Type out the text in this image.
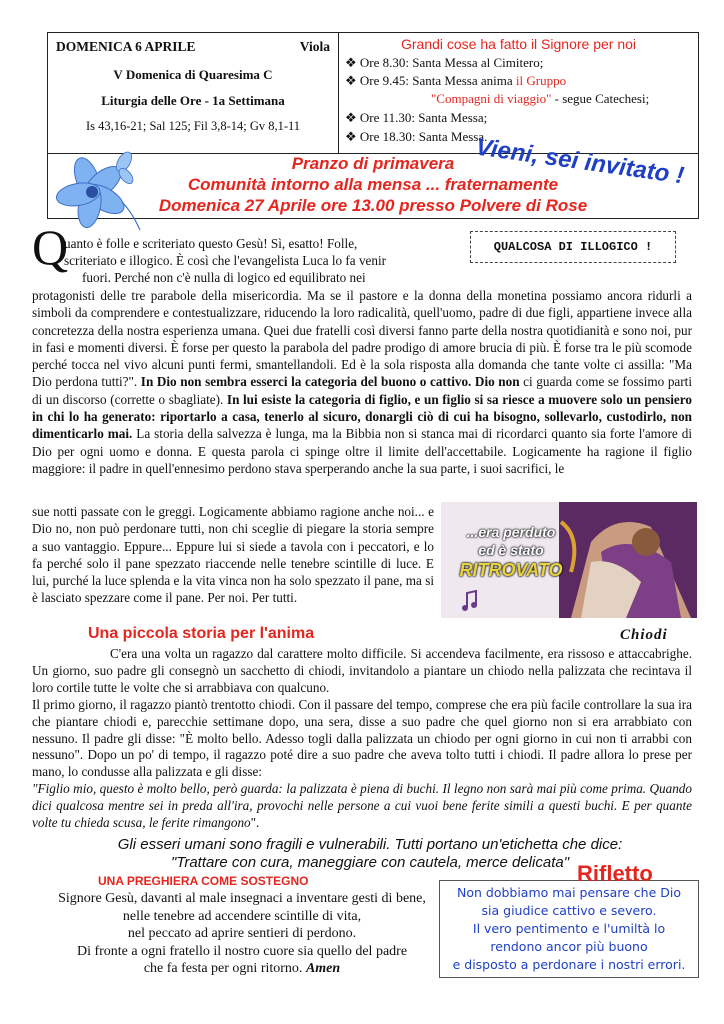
DOMENICA 6 APRILE	Viola
V Domenica di Quaresima C
Liturgia delle Ore - 1a Settimana
Is 43,16-21; Sal 125; Fil 3,8-14; Gv 8,1-11
Grandi cose ha fatto il Signore per noi
❖ Ore 8.30: Santa Messa al Cimitero;
❖ Ore 9.45: Santa Messa anima il Gruppo
"Compagni di viaggio" - segue Catechesi;
❖ Ore 11.30: Santa Messa;
❖ Ore 18.30: Santa Messa.
Pranzo di primavera
Comunità intorno alla mensa ... fraternamente
Domenica 27 Aprile ore 13.00 presso Polvere di Rose
Vieni, sei invitato !
Q	QUALCOSA DI ILLOGICO !
uanto è folle e scriteriato questo Gesù! Sì, esatto! Folle,
scriteriato e illogico. È così che l'evangelista Luca lo fa venir
fuori. Perché non c'è nulla di logico ed equilibrato nei
protagonisti delle tre parabole della misericordia. Ma se il pastore e la donna della monetina possiamo ancora ridurli a simboli da comprendere e contestualizzare, riducendo la loro radicalità, quell'uomo, padre di due figli, appartiene invece alla concretezza della nostra esperienza umana. Quei due fratelli così diversi fanno parte della nostra quotidianità e sono noi, pur in fasi e momenti diversi. È forse per questo la parabola del padre prodigo di amore brucia di più. È forse tra le più scomode perché tocca nel vivo alcuni punti fermi, smantellandoli. Ed è la sola risposta alla domanda che tante volte ci assilla: "Ma Dio perdona tutti?". In Dio non sembra esserci la categoria del buono o cattivo. Dio non ci guarda come se fossimo parti di un discorso (corrette o sbagliate). In lui esiste la categoria di figlio, e un figlio si sa riesce a muovere solo un pensiero in chi lo ha generato: riportarlo a casa, tenerlo al sicuro, donargli ciò di cui ha bisogno, sollevarlo, custodirlo, non dimenticarlo mai. La storia della salvezza è lunga, ma la Bibbia non si stanca mai di ricordarci quanto sia forte l'amore di Dio per ogni uomo e donna. E questa parola ci spinge oltre il limite dell'accettabile. Logicamente ha ragione il figlio maggiore: il padre in quell'ennesimo perdono stava sperperando anche la sua parte, i suoi sacrifici, le
sue notti passate con le greggi. Logicamente abbiamo ragione anche noi... e Dio no, non può perdonare tutti, non chi sceglie di piegare la storia sempre a suo vantaggio. Eppure... Eppure lui si siede a tavola con i peccatori, e lo fa perché solo il pane spezzato riaccende nelle tenebre scintille di luce. E lui, purché la luce splenda e la vita vinca non ha solo spezzato il pane, ma si è lasciato spezzare come il pane. Per noi. Per tutti.
...era perduto
ed è stato
RITROVATO
Una piccola storia per l'anima	Chiodi
C'era una volta un ragazzo dal carattere molto difficile. Si accendeva facilmente, era rissoso e attaccabrighe. Un giorno, suo padre gli consegnò un sacchetto di chiodi, invitandolo a piantare un chiodo nella palizzata che recintava il loro cortile tutte le volte che si arrabbiava con qualcuno.
Il primo giorno, il ragazzo piantò trentotto chiodi. Con il passare del tempo, comprese che era più facile controllare la sua ira che piantare chiodi e, parecchie settimane dopo, una sera, disse a suo padre che quel giorno non si era arrabbiato con nessuno. Il padre gli disse: "È molto bello. Adesso togli dalla palizzata un chiodo per ogni giorno in cui non ti arrabbi con nessuno". Dopo un po' di tempo, il ragazzo poté dire a suo padre che aveva tolto tutti i chiodi. Il padre allora lo prese per mano, lo condusse alla palizzata e gli disse:
"Figlio mio, questo è molto bello, però guarda: la palizzata è piena di buchi. Il legno non sarà mai più come prima. Quando dici qualcosa mentre sei in preda all'ira, provochi nelle persone a cui vuoi bene ferite simili a questi buchi. E per quante volte tu chieda scusa, le ferite rimangono".
Gli esseri umani sono fragili e vulnerabili. Tutti portano un'etichetta che dice:
"Trattare con cura, maneggiare con cautela, merce delicata"
UNA PREGHIERA COME SOSTEGNO
Signore Gesù, davanti al male insegnaci a inventare gesti di bene,
nelle tenebre ad accendere scintille di vita,
nel peccato ad aprire sentieri di perdono.
Di fronte a ogni fratello il nostro cuore sia quello del padre
che fa festa per ogni ritorno. Amen
Non dobbiamo mai pensare che Dio
sia giudice cattivo e severo.
Il vero pentimento e l'umiltà lo
rendono ancor più buono
e disposto a perdonare i nostri errori.
Rifletto
